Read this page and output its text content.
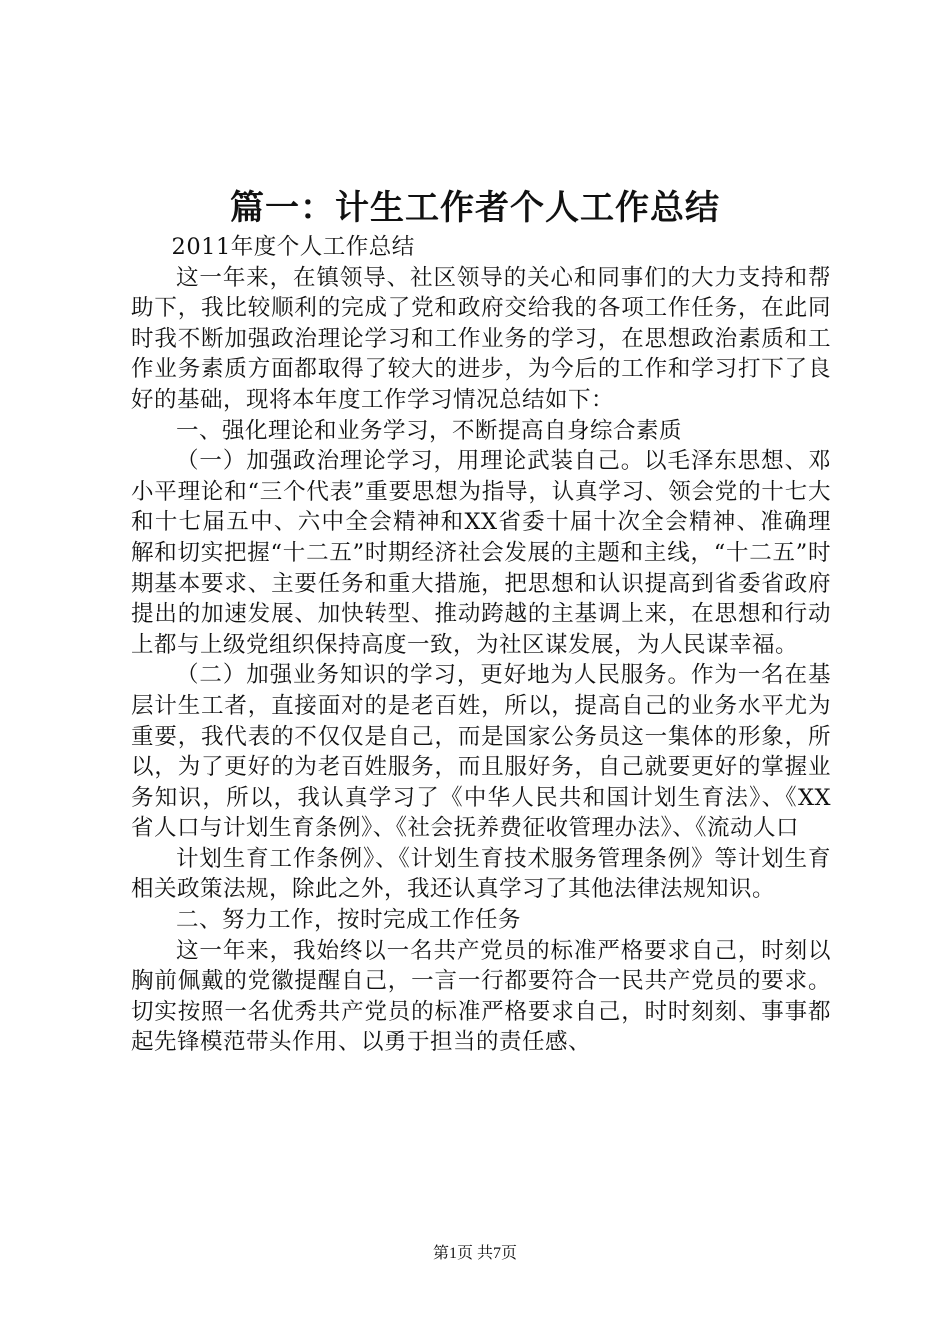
篇一：计生工作者个人工作总结

2011年度个人工作总结

这一年来，在镇领导、社区领导的关心和同事们的大力支持和帮助下，我比较顺利的完成了党和政府交给我的各项工作任务，在此同时我不断加强政治理论学习和工作业务的学习，在思想政治素质和工作业务素质方面都取得了较大的进步，为今后的工作和学习打下了良好的基础，现将本年度工作学习情况总结如下：

一、强化理论和业务学习，不断提高自身综合素质

（一）加强政治理论学习，用理论武装自己。以毛泽东思想、邓小平理论和“三个代表”重要思想为指导，认真学习、领会党的十七大和十七届五中、六中全会精神和XX省委十届十次全会精神、准确理解和切实把握“十二五”时期经济社会发展的主题和主线，“十二五”时期基本要求、主要任务和重大措施，把思想和认识提高到省委省政府提出的加速发展、加快转型、推动跨越的主基调上来，在思想和行动上都与上级党组织保持高度一致，为社区谋发展，为人民谋幸福。

（二）加强业务知识的学习，更好地为人民服务。作为一名在基层计生工者，直接面对的是老百姓，所以，提高自己的业务水平尤为重要，我代表的不仅仅是自己，而是国家公务员这一集体的形象，所以，为了更好的为老百姓服务，而且服好务，自己就要更好的掌握业务知识，所以，我认真学习了《中华人民共和国计划生育法》、《XX省人口与计划生育条例》、《社会抚养费征收管理办法》、《流动人口

计划生育工作条例》、《计划生育技术服务管理条例》等计划生育相关政策法规，除此之外，我还认真学习了其他法律法规知识。

二、努力工作，按时完成工作任务

这一年来，我始终以一名共产党员的标准严格要求自己，时刻以胸前佩戴的党徽提醒自己，一言一行都要符合一民共产党员的要求。切实按照一名优秀共产党员的标准严格要求自己，时时刻刻、事事都起先锋模范带头作用、以勇于担当的责任感、

第1页 共7页
